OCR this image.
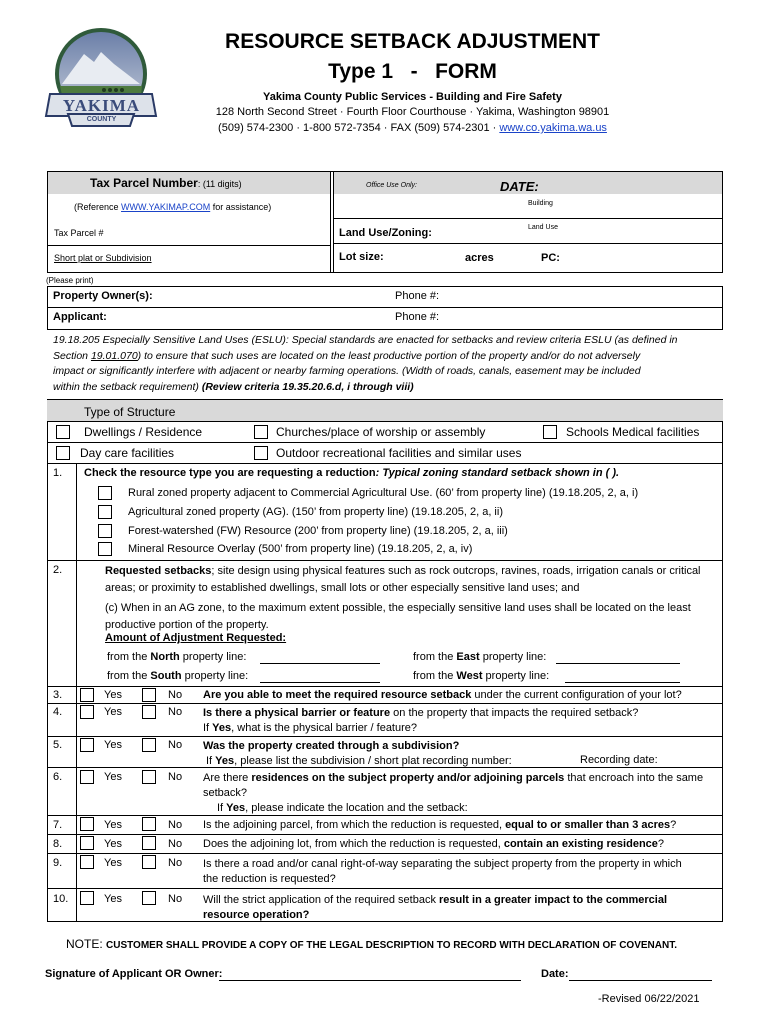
YAKIMA
COUNTY
RESOURCE SETBACK ADJUSTMENT
Type 1   -   FORM
Yakima County Public Services - Building and Fire Safety
128 North Second Street · Fourth Floor Courthouse · Yakima, Washington 98901
(509) 574-2300 · 1-800 572-7354 · FAX (509) 574-2301 · www.co.yakima.wa.us
Tax Parcel Number: (11 digits)
(Reference WWW.YAKIMAP.COM for assistance)
Tax Parcel #
Short plat or Subdivision
Office Use Only:	DATE:
Building
Land Use
Land Use/Zoning:
Lot size:	acres	PC:
(Please print)
Property Owner(s):	Phone #:
Applicant:	Phone #:
19.18.205 Especially Sensitive Land Uses (ESLU): Special standards are enacted for setbacks and review criteria ESLU (as defined in
Section 19.01.070) to ensure that such uses are located on the least productive portion of the property and/or do not adversely
impact or significantly interfere with adjacent or nearby farming operations. (Width of roads, canals, easement may be included
within the setback requirement) (Review criteria 19.35.20.6.d, i through viii)
Type of Structure
Dwellings / Residence	Churches/place of worship or assembly	Schools Medical facilities
Day care facilities	Outdoor recreational facilities and similar uses
1. Check the resource type you are requesting a reduction: Typical zoning standard setback shown in ( ).
Rural zoned property adjacent to Commercial Agricultural Use. (60’ from property line) (19.18.205, 2, a, i)
Agricultural zoned property (AG). (150’ from property line) (19.18.205, 2, a, ii)
Forest-watershed (FW) Resource (200’ from property line) (19.18.205, 2, a, iii)
Mineral Resource Overlay (500’ from property line) (19.18.205, 2, a, iv)
2.	Requested setbacks; site design using physical features such as rock outcrops, ravines, roads, irrigation canals or critical
areas; or proximity to established dwellings, small lots or other especially sensitive land uses; and
(c) When in an AG zone, to the maximum extent possible, the especially sensitive land uses shall be located on the least
productive portion of the property.
Amount of Adjustment Requested:
from the North property line:	from the East property line:
from the South property line:	from the West property line:
3.	Yes	No Are you able to meet the required resource setback under the current configuration of your lot?
4.	Yes	No Is there a physical barrier or feature on the property that impacts the required setback?
If Yes, what is the physical barrier / feature?
5.	Yes	No Was the property created through a subdivision?
If Yes, please list the subdivision / short plat recording number:	Recording date:
6.	Yes	No Are there residences on the subject property and/or adjoining parcels that encroach into the same
setback?
If Yes, please indicate the location and the setback:
7.	Yes	No Is the adjoining parcel, from which the reduction is requested, equal to or smaller than 3 acres?
8.	Yes	No Does the adjoining lot, from which the reduction is requested, contain an existing residence?
9.	Yes	No Is there a road and/or canal right-of-way separating the subject property from the property in which
the reduction is requested?
10.	Yes	No Will the strict application of the required setback result in a greater impact to the commercial
resource operation?
NOTE: CUSTOMER SHALL PROVIDE A COPY OF THE LEGAL DESCRIPTION TO RECORD WITH DECLARATION OF COVENANT.
Signature of Applicant OR Owner:	Date:
-Revised 06/22/2021
